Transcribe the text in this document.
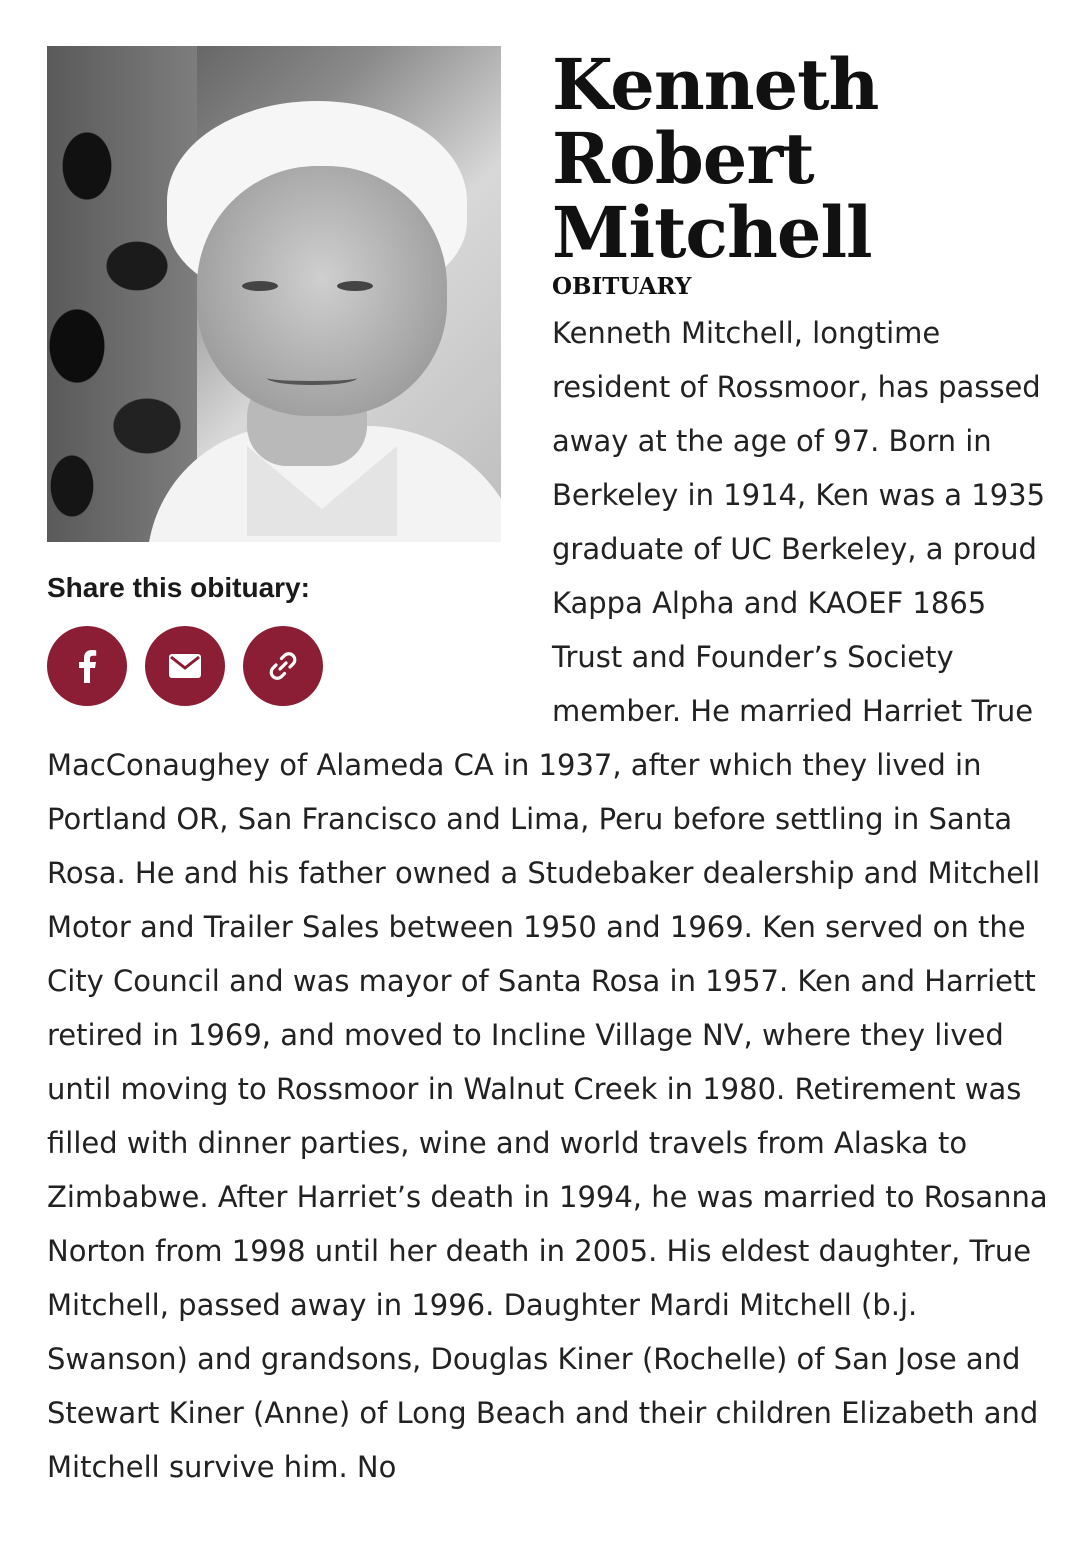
Share this obituary:
Kenneth Robert Mitchell
OBITUARY

Kenneth Mitchell, longtime resident of Rossmoor, has passed away at the age of 97. Born in Berkeley in 1914, Ken was a 1935 graduate of UC Berkeley, a proud Kappa Alpha and KAOEF 1865 Trust and Founder’s Society member. He married Harriet True MacConaughey of Alameda CA in 1937, after which they lived in Portland OR, San Francisco and Lima, Peru before settling in Santa Rosa. He and his father owned a Studebaker dealership and Mitchell Motor and Trailer Sales between 1950 and 1969. Ken served on the City Council and was mayor of Santa Rosa in 1957. Ken and Harriett retired in 1969, and moved to Incline Village NV, where they lived until moving to Rossmoor in Walnut Creek in 1980. Retirement was filled with dinner parties, wine and world travels from Alaska to Zimbabwe. After Harriet’s death in 1994, he was married to Rosanna Norton from 1998 until her death in 2005. His eldest daughter, True Mitchell, passed away in 1996. Daughter Mardi Mitchell (b.j. Swanson) and grandsons, Douglas Kiner (Rochelle) of San Jose and Stewart Kiner (Anne) of Long Beach and their children Elizabeth and Mitchell survive him. No
